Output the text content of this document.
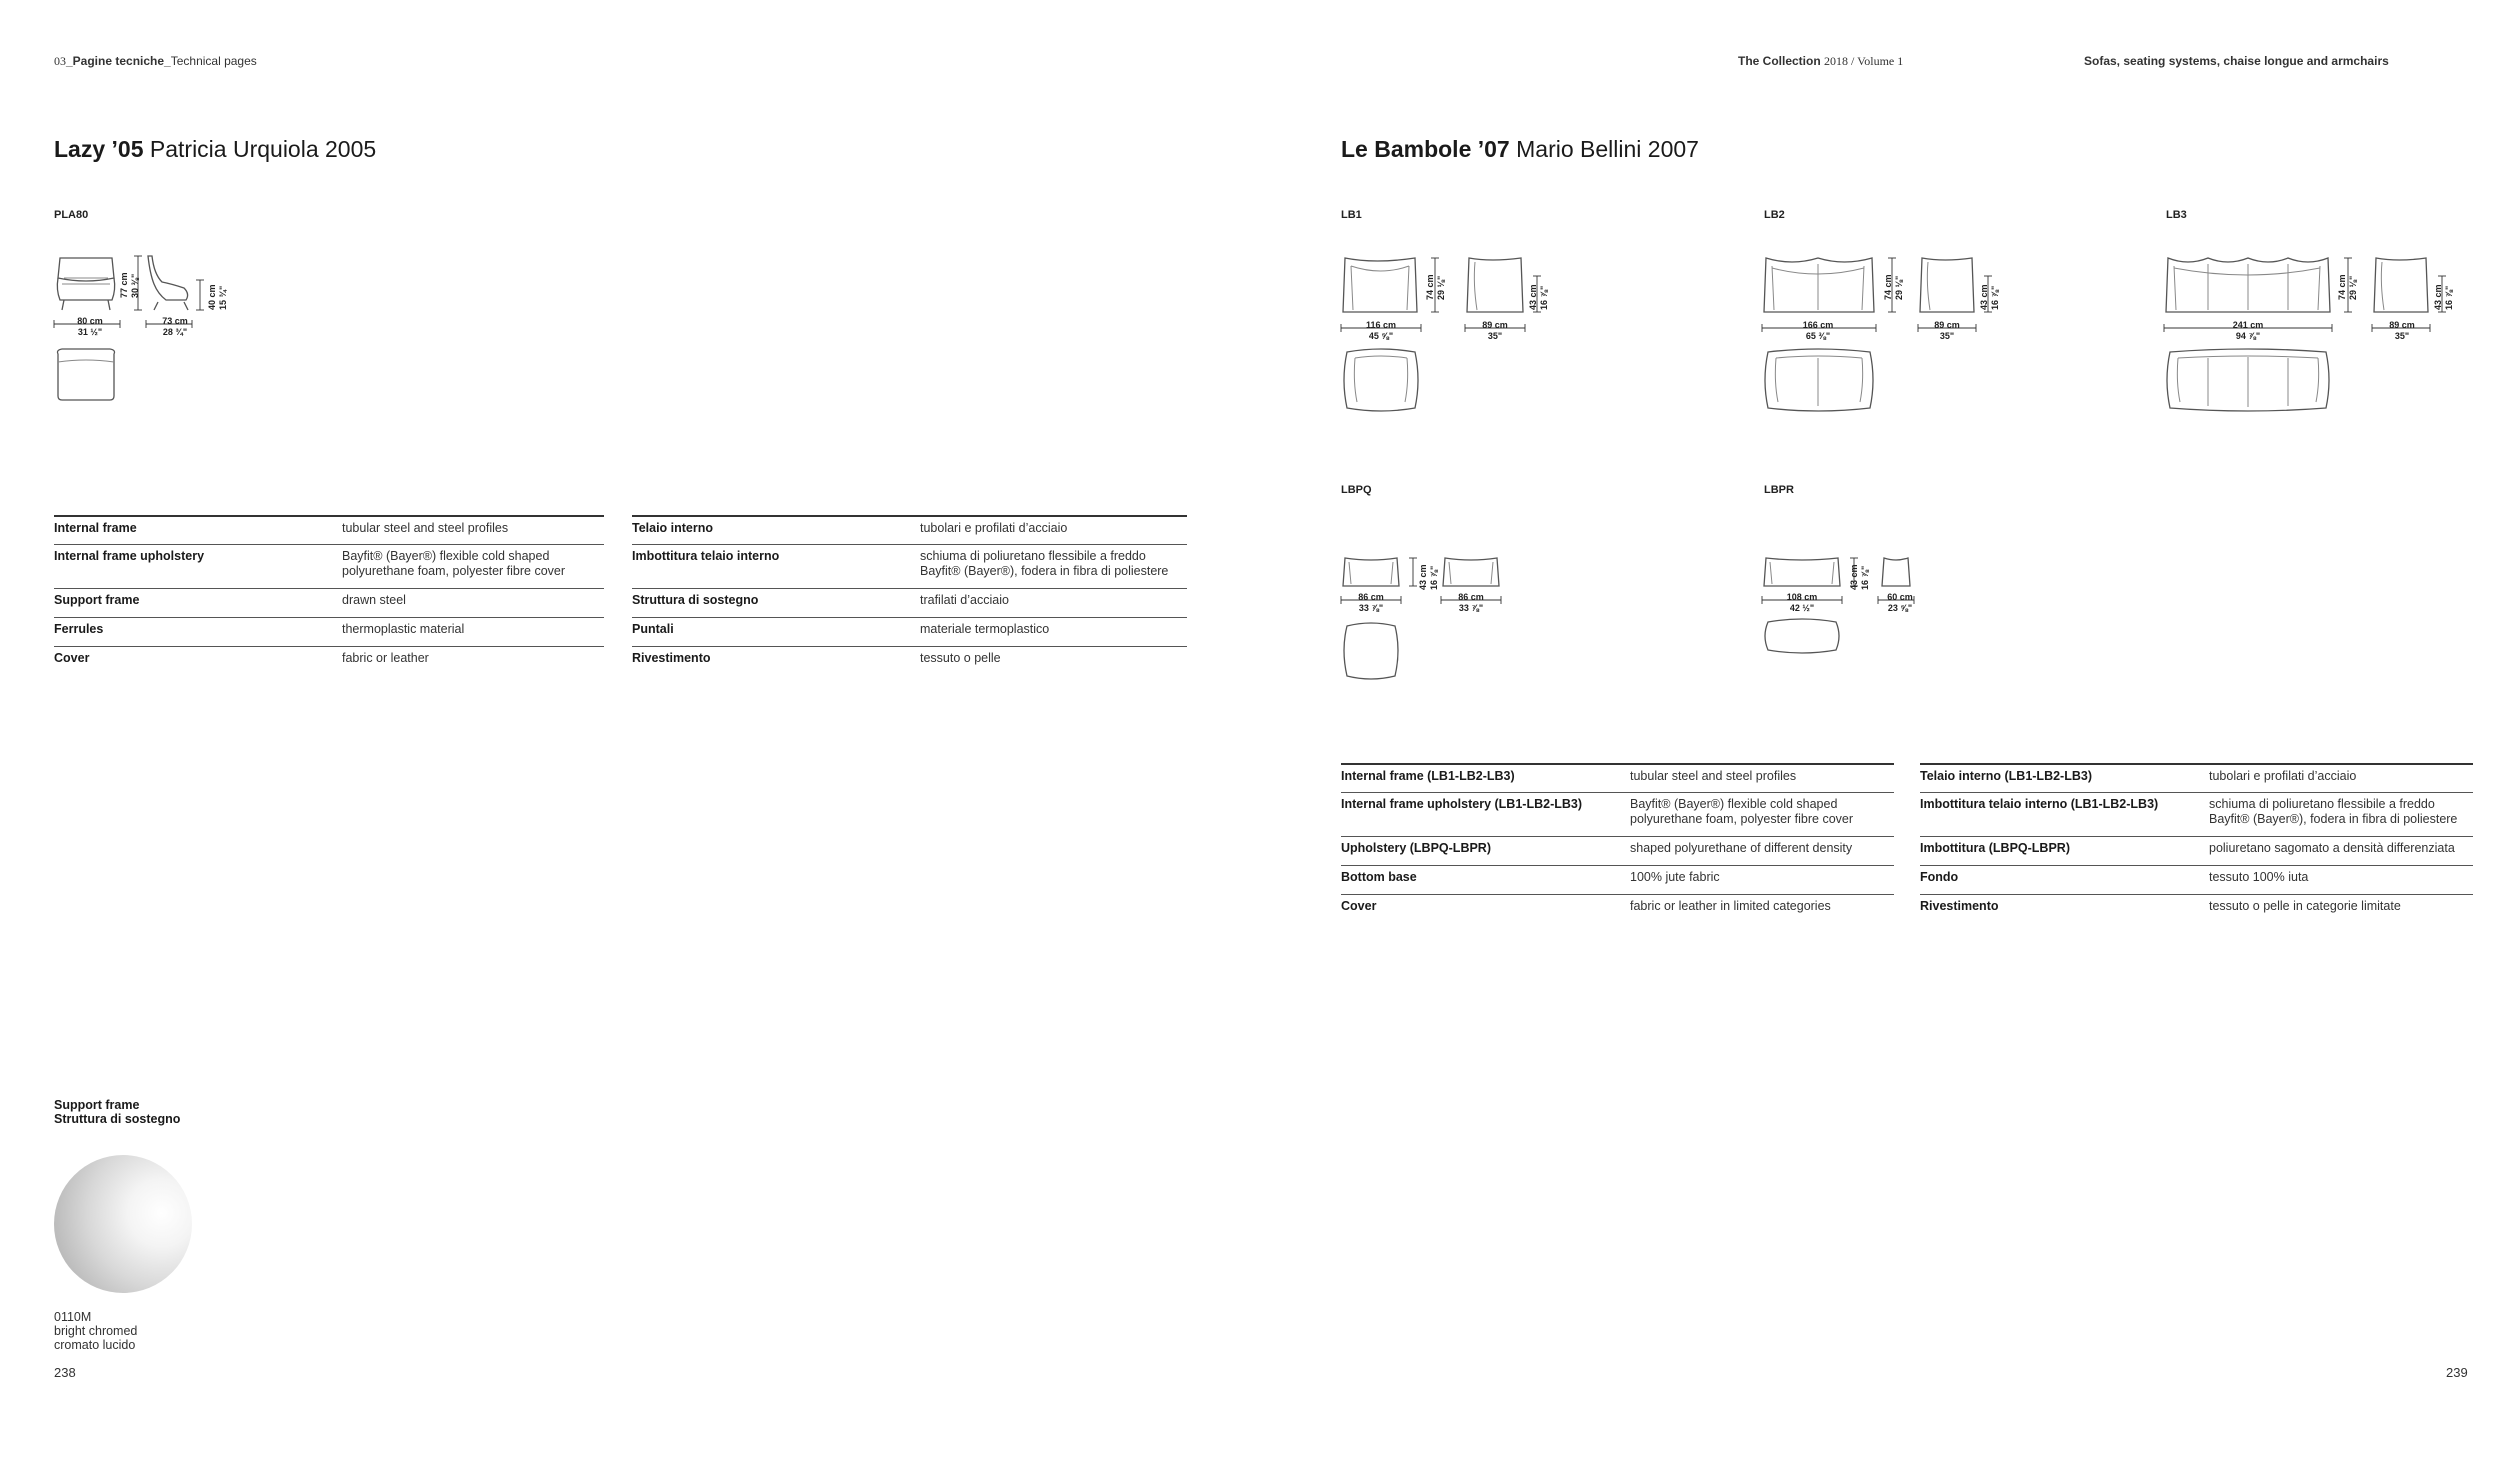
03_Pagine tecniche_Technical pages	The Collection 2018 / Volume 1	Sofas, seating systems, chaise longue and armchairs
Lazy ’05 Patricia Urquiola 2005
PLA80
80 cm
31 ½"
73 cm
28 ¾"
77 cm
30 ⅜"	40 cm
15 ¾"
Internal frame	tubular steel and steel profiles
Internal frame upholstery	Bayfit® (Bayer®) flexible cold shaped polyurethane foam, polyester fibre cover
Support frame	drawn steel
Ferrules	thermoplastic material
Cover	fabric or leather
Telaio interno	tubolari e profilati d’acciaio
Imbottitura telaio interno	schiuma di poliuretano flessibile a freddo Bayfit® (Bayer®), fodera in fibra di poliestere
Struttura di sostegno	trafilati d’acciaio
Puntali	materiale termoplastico
Rivestimento	tessuto o pelle
Support frame
Struttura di sostegno
0110M
bright chromed
cromato lucido
238
Le Bambole ’07 Mario Bellini 2007
LB1	LB2	LB3
LBPQ	LBPR
116 cm
45 ⅝"
89 cm
35"
74 cm
29 ⅛"	43 cm
16 ⅞"
166 cm
65 ⅜"
89 cm
35"
74 cm
29 ⅛"	43 cm
16 ⅞"
241 cm
94 ⅞"
89 cm
35"
74 cm
29 ⅛"	43 cm
16 ⅞"
86 cm
33 ⅞"
86 cm
33 ⅞"
43 cm
16 ⅞"
108 cm
42 ½"
60 cm
23 ⅝"
43 cm
16 ⅞"
Internal frame (LB1-LB2-LB3)	tubular steel and steel profiles
Internal frame upholstery (LB1-LB2-LB3)	Bayfit® (Bayer®) flexible cold shaped polyurethane foam, polyester fibre cover
Upholstery (LBPQ-LBPR)	shaped polyurethane of different density
Bottom base	100% jute fabric
Cover	fabric or leather in limited categories
Telaio interno (LB1-LB2-LB3)	tubolari e profilati d’acciaio
Imbottitura telaio interno (LB1-LB2-LB3)	schiuma di poliuretano flessibile a freddo Bayfit® (Bayer®), fodera in fibra di poliestere
Imbottitura (LBPQ-LBPR)	poliuretano sagomato a densità differenziata
Fondo	tessuto 100% iuta
Rivestimento	tessuto o pelle in categorie limitate
239
